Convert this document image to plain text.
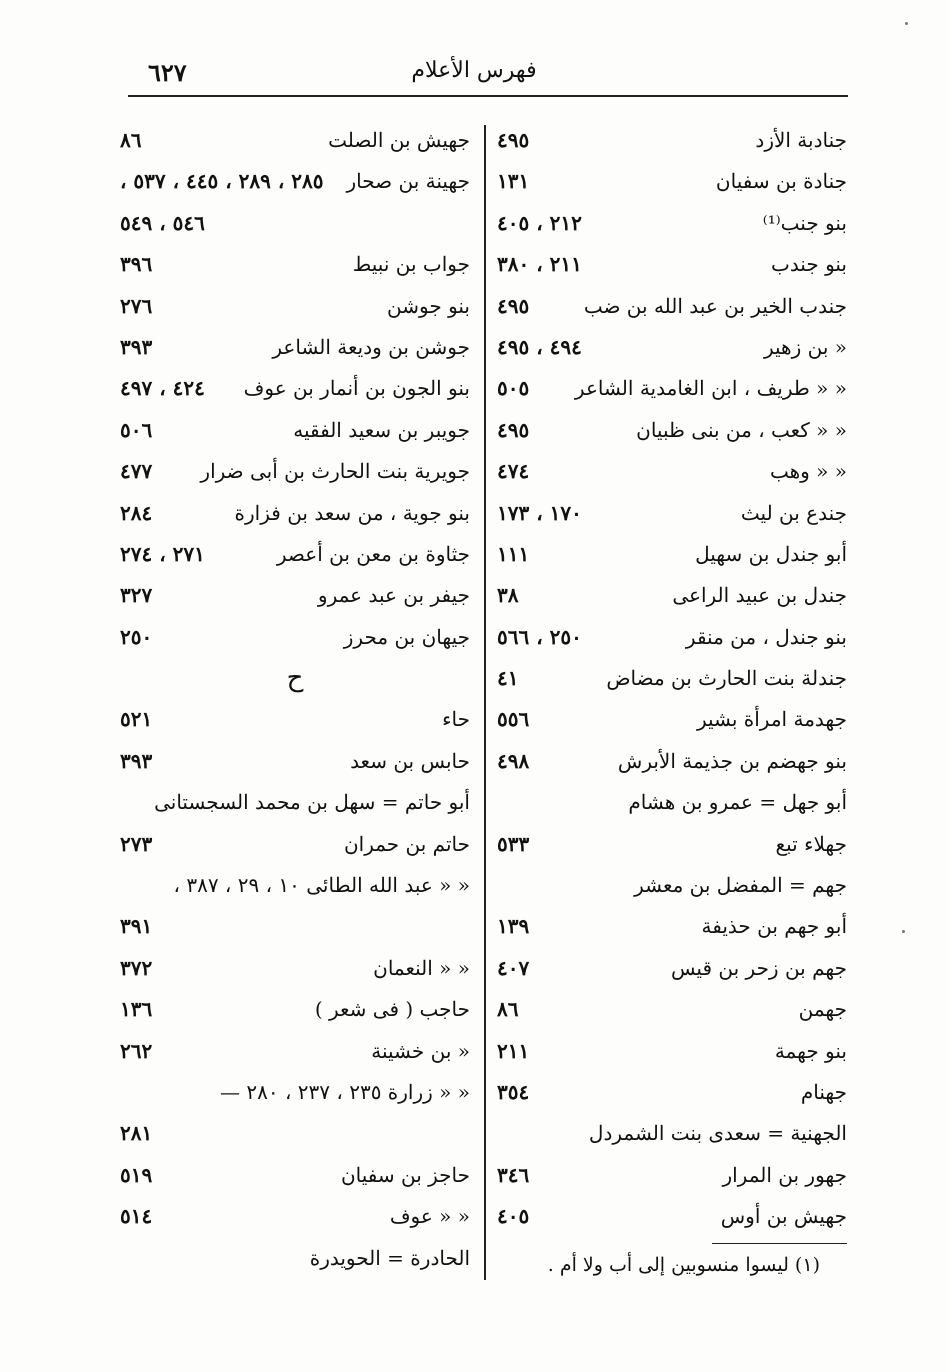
٦٢٧	فهرس الأعلام
جنادبة الأزد
٤٩٥
جنادة بن سفيان
١٣١
بنو جنب⁽¹⁾
٢١٢ ، ٤٠٥
بنو جندب
٢١١ ، ٣٨٠
جندب الخير بن عبد الله بن ضب
٤٩٥
« بن زهير
٤٩٤ ، ٤٩٥
« « طريف ، ابن الغامدية الشاعر
٥٠٥
« « كعب ، من بنى ظبيان
٤٩٥
« « وهب
٤٧٤
جندع بن ليث
١٧٠ ، ١٧٣
أبو جندل بن سهيل
١١١
جندل بن عبيد الراعى
٣٨
بنو جندل ، من منقر
٢٥٠ ، ٥٦٦
جندلة بنت الحارث بن مضاض
٤١
جهدمة امرأة بشير
٥٥٦
بنو جهضم بن جذيمة الأبرش
٤٩٨
أبو جهل = عمرو بن هشام
جهلاء تبع
٥٣٣
جهم = المفضل بن معشر
أبو جهم بن حذيفة
١٣٩
جهم بن زحر بن قيس
٤٠٧
جهمن
٨٦
بنو جهمة
٢١١
جهنام
٣٥٤
الجهنية = سعدى بنت الشمردل
جهور بن المرار
٣٤٦
جهيش بن أوس
٤٠٥
جهيش بن الصلت
٨٦
جهينة بن صحار
٢٨٥ ، ٢٨٩ ، ٤٤٥ ، ٥٣٧ ،
٥٤٦ ، ٥٤٩
جواب بن نبيط
٣٩٦
بنو جوشن
٢٧٦
جوشن بن وديعة الشاعر
٣٩٣
بنو الجون بن أنمار بن عوف
٤٢٤ ، ٤٩٧
جويبر بن سعيد الفقيه
٥٠٦
جويرية بنت الحارث بن أبى ضرار
٤٧٧
بنو جوية ، من سعد بن فزارة
٢٨٤
جثاوة بن معن بن أعصر
٢٧١ ، ٢٧٤
جيفر بن عبد عمرو
٣٢٧
جيهان بن محرز
٢٥٠
ح
حاء
٥٢١
حابس بن سعد
٣٩٣
أبو حاتم = سهل بن محمد السجستانى
حاتم بن حمران
٢٧٣
« « عبد الله الطائى ١٠ ، ٢٩ ، ٣٨٧ ،
٣٩١
« « النعمان
٣٧٢
حاجب ( فى شعر )
١٣٦
« بن خشينة
٢٦٢
« « زرارة ٢٣٥ ، ٢٣٧ ، ٢٨٠ —
٢٨١
حاجز بن سفيان
٥١٩
« « عوف
٥١٤
الحادرة = الحويدرة	(١) ليسوا منسوبين إلى أب ولا أم .
